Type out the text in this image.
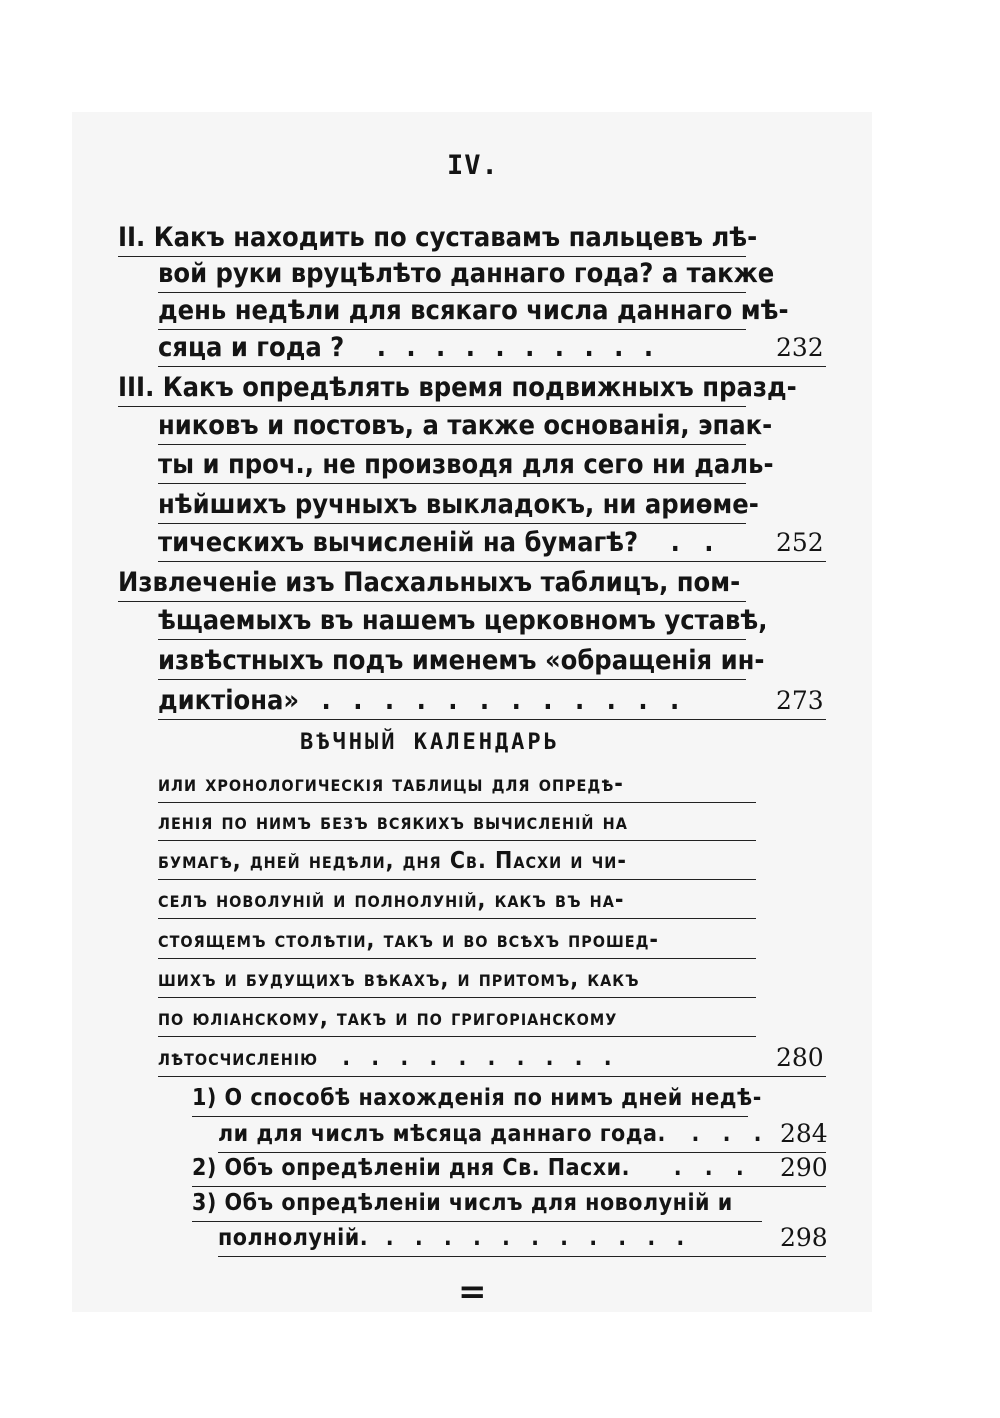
IV.
II. Какъ находить по суставамъ пальцевъ лѣ-
вой руки вруцѣлѣто даннаго года? а также
день недѣли для всякаго числа даннаго мѣ-
сяца и года ? . . . . . . . . . .	232
III. Какъ опредѣлять время подвижныхъ празд-
никовъ и постовъ, а также основанія, эпак-
ты и проч., не производя для сего ни даль-
нѣйшихъ ручныхъ выкладокъ, ни ариѳме-
тическихъ вычисленій на бумагѣ? . .	252
Извлеченіе изъ Пасхальныхъ таблицъ, пом-
ѣщаемыхъ въ нашемъ церковномъ уставѣ,
извѣстныхъ подъ именемъ «обращенія ин-
диктіона» . . . . . . . . . . . .	273
ВѢЧНЫЙ КАЛЕНДАРЬ
или хронологическія таблицы для опредѣ-
ленія по нимъ безъ всякихъ вычисленій на
бумагѣ, дней недѣли, дня Св. Пасхи и чи-
селъ новолуній и полнолуній, какъ въ на-
стоящемъ столѣтіи, такъ и во всѣхъ прошед-
шихъ и будущихъ вѣкахъ, и притомъ, какъ
по юліанскому, такъ и по григоріанскому
лѣтосчисленію . . . . . . . . . .	280
1) О способѣ нахожденія по нимъ дней недѣ-
ли для числъ мѣсяца даннаго года. . . . 284
2) Объ опредѣленіи дня Св. Пасхи. . . .	290
3) Объ опредѣленіи числъ для новолуній и
полнолуній. . . . . . . . . . . .	298
=
